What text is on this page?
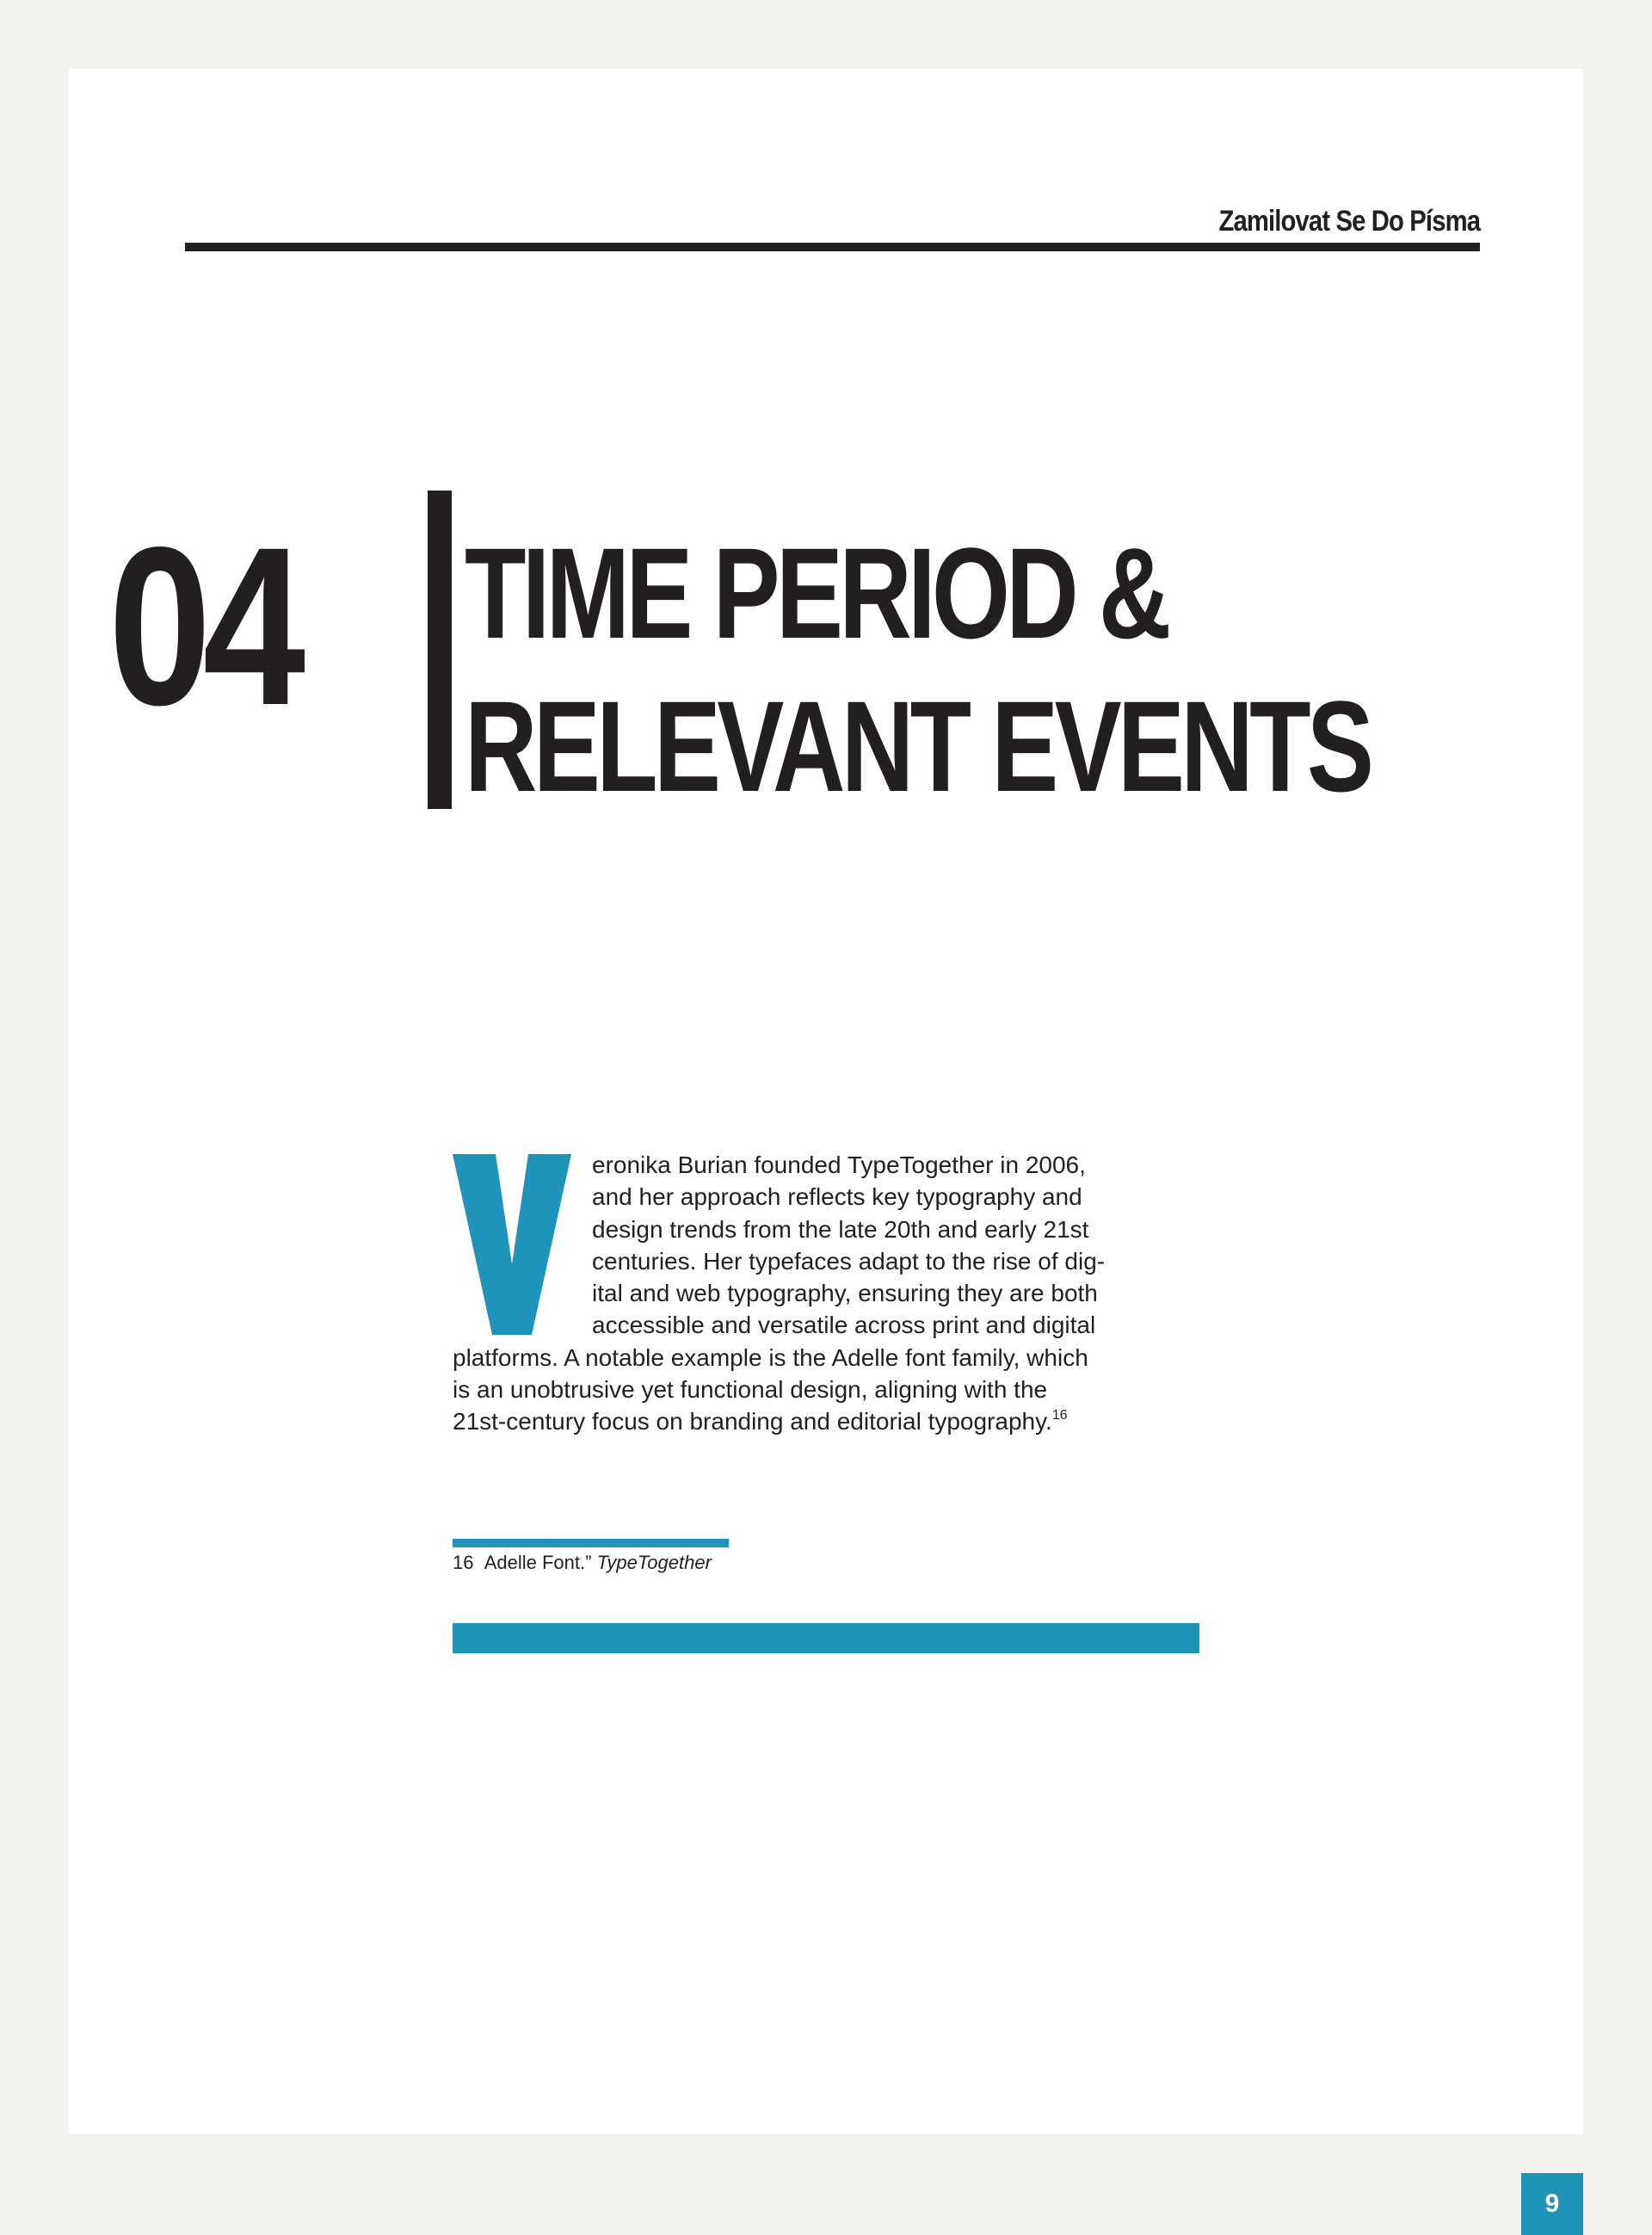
Zamilovat Se Do Písma
04 TIME PERIOD &
RELEVANT EVENTS
eronika Burian founded TypeTogether in 2006,
and her approach reflects key typography and
design trends from the late 20th and early 21st
centuries. Her typefaces adapt to the rise of dig-
ital and web typography, ensuring they are both
accessible and versatile across print and digital
platforms. A notable example is the Adelle font family, which
is an unobtrusive yet functional design, aligning with the
21st-century focus on branding and editorial typography.$^{16}$
16 Adelle Font.” TypeTogether
9
